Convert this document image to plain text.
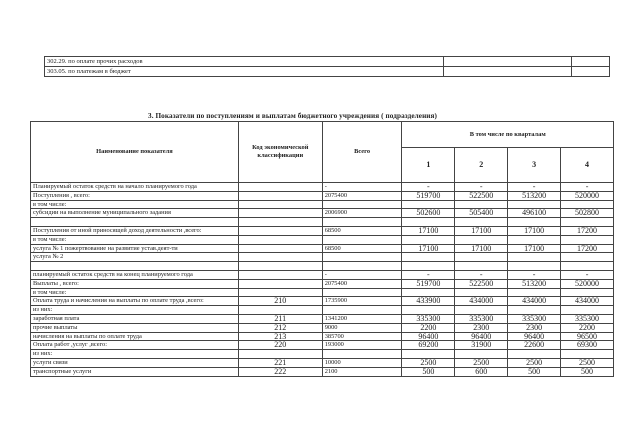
302.29. по оплате прочих расходов		
303.05. по платежам в бюджет		
3. Показатели по поступлениям и выплатам бюджетного учреждения ( подразделения)
Наименование показателя	Код экономической классификации	Всего	В том числе по кварталам			
			1	2	3	4
Планируемый остаток средств на начало планируемого года		-	-	-	-	-
Поступления , всего:		2075400	519700	522500	513200	520000
в том числе:						
субсидии на выполнение муниципального задания		2006900	502600	505400	496100	502800

Поступления от иной приносящей доход деятельности ,всего:		68500	17100	17100	17100	17200
в том числе:						
услуга № 1 пожертвование на развитие устав.деят-ти		68500	17100	17100	17100	17200
услуга № 2						

планируемый остаток средств на конец планируемого года		-	-	-	-	-
Выплаты , всего:		2075400	519700	522500	513200	520000
в том числе:						
Оплата труда и начисления на выплаты по оплате труда ,всего:	210	1735900	433900	434000	434000	434000
из них:						
заработная плата	211	1341200	335300	335300	335300	335300
прочие выплаты	212	9000	2200	2300	2300	2200
начисления на выплаты по оплате труда	213	385700	96400	96400	96400	96500
Оплата работ ,услуг ,всего:	220	193000	69200	31900	22600	69300
из них:						
услуги связи	221	10000	2500	2500	2500	2500
транспортные услуги	222	2100	500	600	500	500
